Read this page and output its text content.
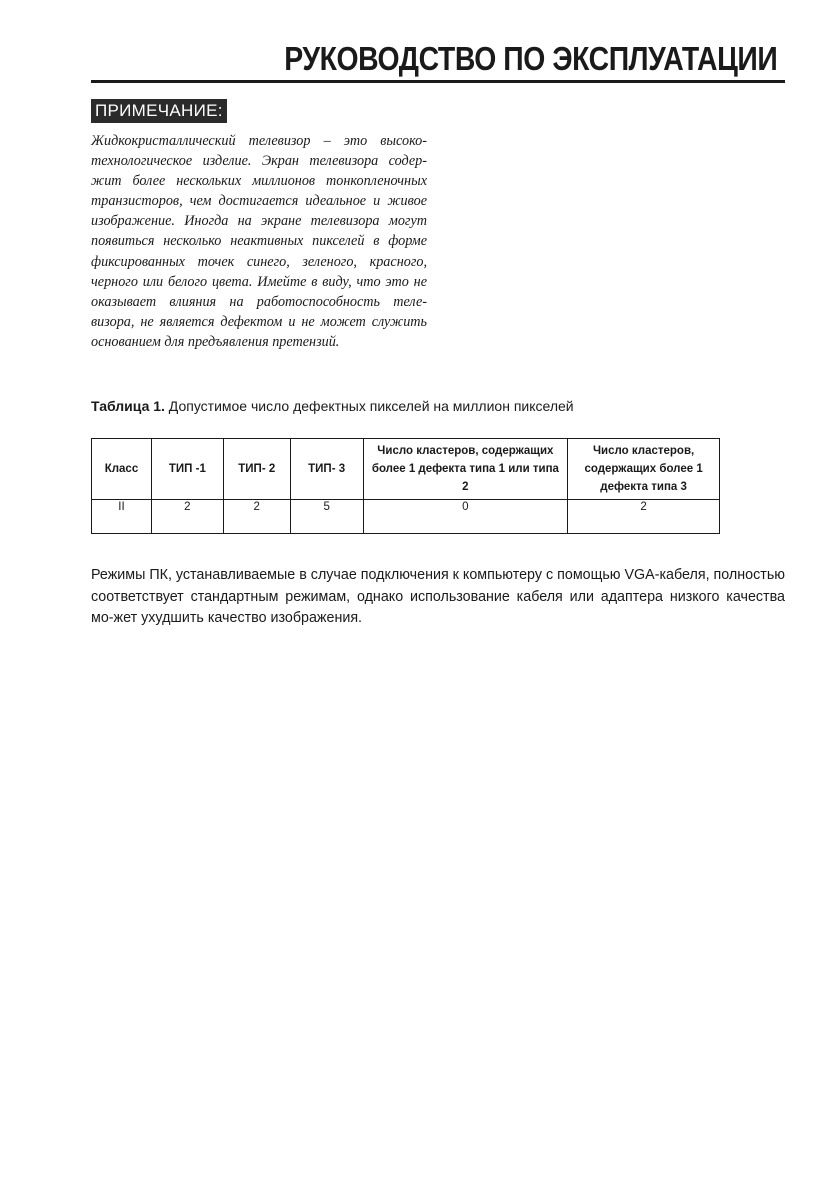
РУКОВОДСТВО ПО ЭКСПЛУАТАЦИИ
ПРИМЕЧАНИЕ:
Жидкокристаллический телевизор – это высоко-технологическое изделие. Экран телевизора содер-жит более нескольких миллионов тонкопленочных транзисторов, чем достигается идеальное и живое изображение. Иногда на экране телевизора могут появиться несколько неактивных пикселей в форме фиксированных точек синего, зеленого, красного, черного или белого цвета. Имейте в виду, что это не оказывает влияния на работоспособность теле-визора, не является дефектом и не может служить основанием для предъявления претензий.
Таблица 1. Допустимое число дефектных пикселей на миллион пикселей
Класс	ТИП -1	ТИП- 2	ТИП- 3	Число кластеров, содержащих более 1 дефекта типа 1 или типа 2	Число кластеров, содержащих более 1 дефекта типа 3
II	2	2	5	0	2
Режимы ПК, устанавливаемые в случае подключения к компьютеру с помощью VGA-кабеля, полностью соответствует стандартным режимам, однако использование кабеля или адаптера низкого качества мо-жет ухудшить качество изображения.
